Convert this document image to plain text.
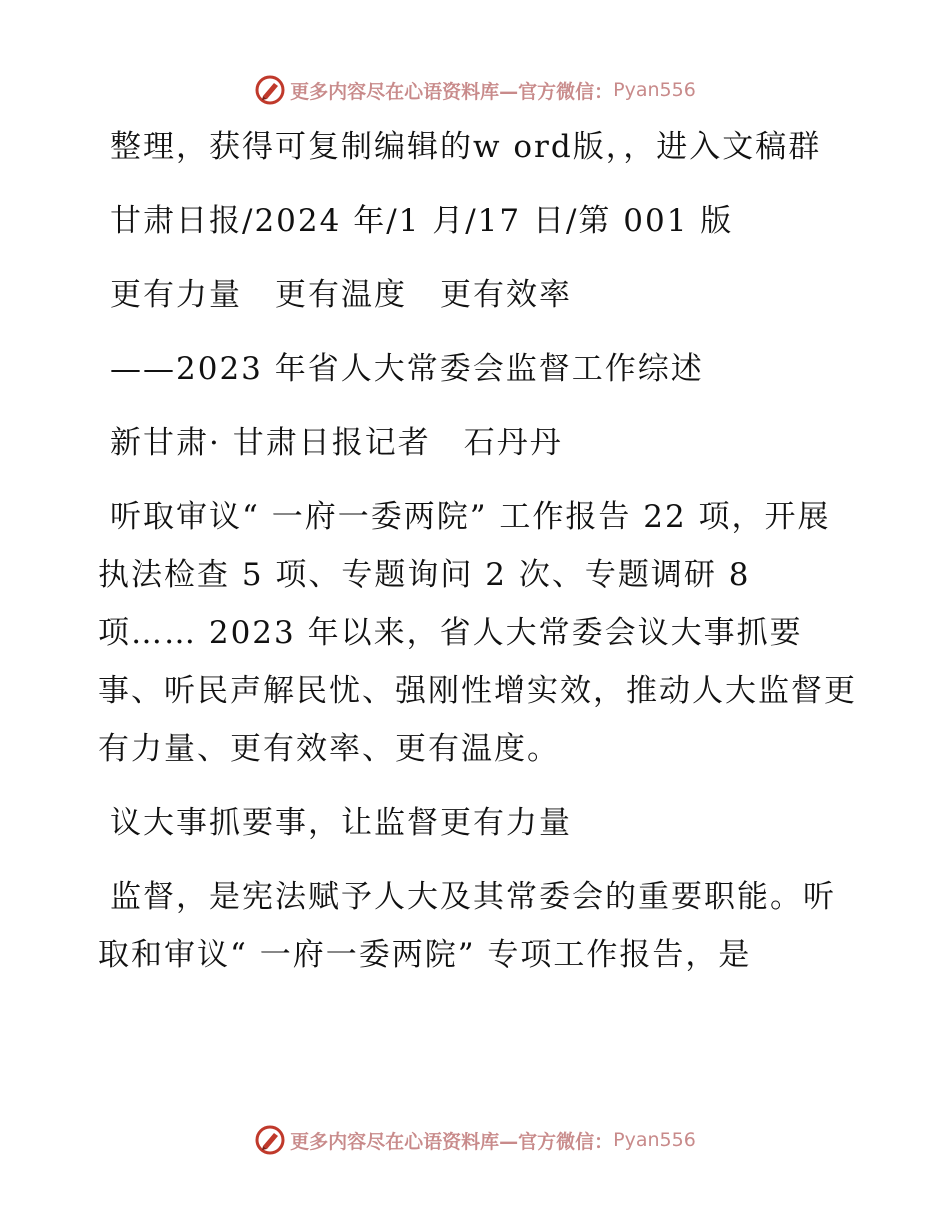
更多内容尽在心语资料库—官方微信： Pyan556

整理，获得可复制编辑的w ord版，，进入文稿群

甘肃日报/2024 年/1 月/17 日/第 001 版

更有力量　更有温度　更有效率

——2023 年省人大常委会监督工作综述

新甘肃· 甘肃日报记者　石丹丹

听取审议“ 一府一委两院” 工作报告 22 项，开展执法检查 5 项、专题询问 2 次、专题调研 8 项…… 2023 年以来，省人大常委会议大事抓要事、听民声解民忧、强刚性增实效，推动人大监督更有力量、更有效率、更有温度。

议大事抓要事，让监督更有力量

监督，是宪法赋予人大及其常委会的重要职能。听取和审议“ 一府一委两院” 专项工作报告，是

更多内容尽在心语资料库—官方微信： Pyan556
